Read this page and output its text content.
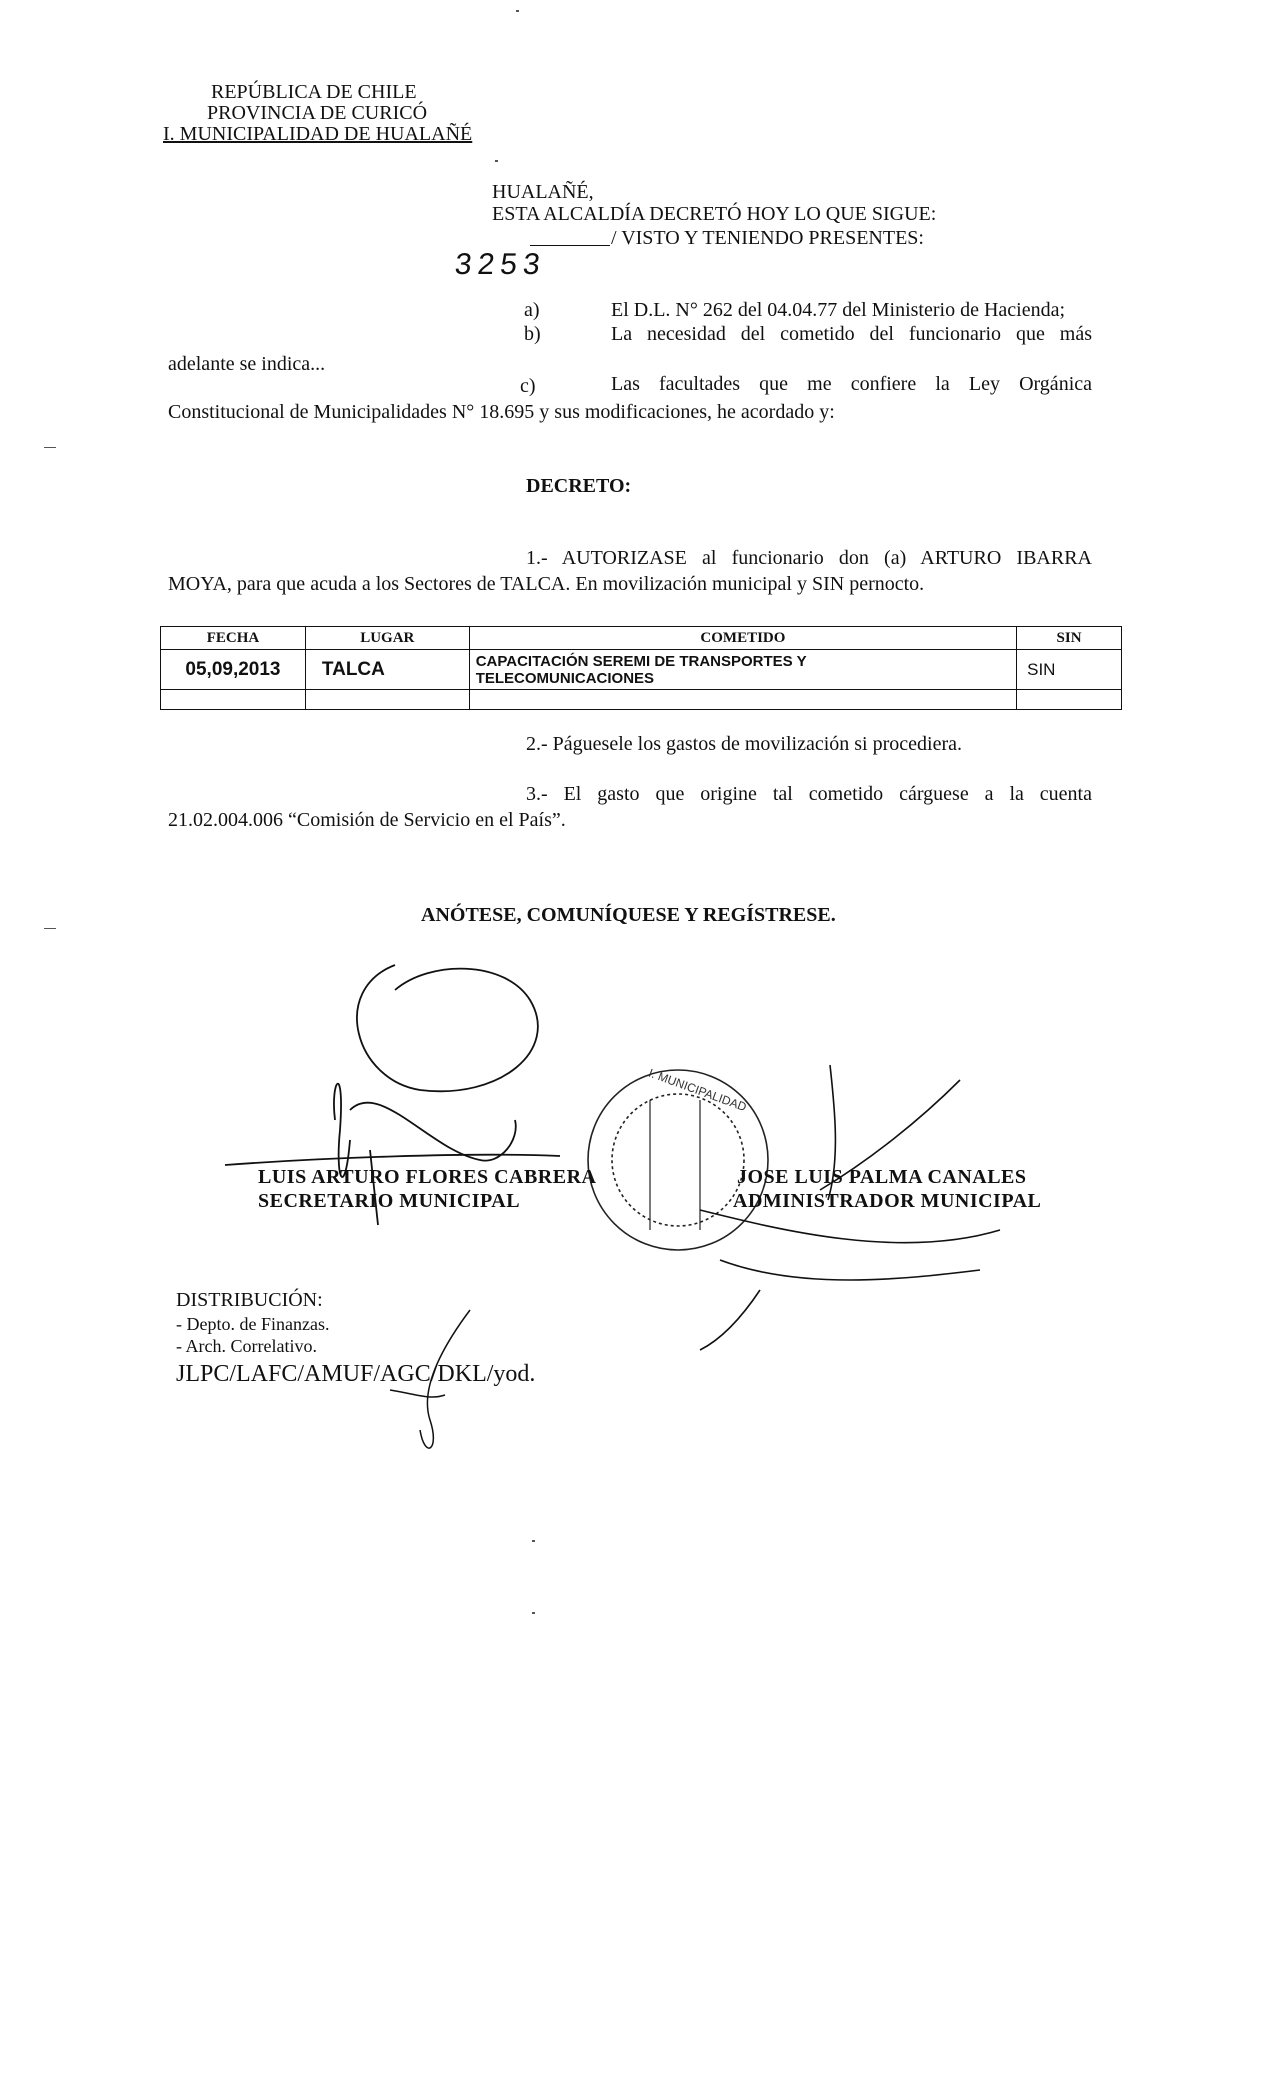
REPÚBLICA DE CHILE
PROVINCIA DE CURICÓ
I. MUNICIPALIDAD DE HUALAÑÉ
HUALAÑÉ,
ESTA ALCALDÍA DECRETÓ HOY LO QUE SIGUE:
/ VISTO Y TENIENDO PRESENTES:
3253
a)	El D.L. N° 262 del 04.04.77 del Ministerio de Hacienda;
b)	La necesidad del cometido del funcionario que más
adelante se indica...
c)	Las facultades que me confiere la Ley Orgánica
Constitucional de Municipalidades N° 18.695 y sus modificaciones, he acordado y:
DECRETO:
1.- AUTORIZASE al funcionario don (a) ARTURO IBARRA
MOYA, para que acuda a los Sectores de TALCA. En movilización municipal y SIN pernocto.
FECHA	LUGAR	COMETIDO	SIN
05,09,2013	TALCA	CAPACITACIÓN SEREMI DE TRANSPORTES Y TELECOMUNICACIONES	SIN

2.- Páguesele los gastos de movilización si procediera.
3.- El gasto que origine tal cometido cárguese a la cuenta
21.02.004.006 “Comisión de Servicio en el País”.
ANÓTESE, COMUNÍQUESE Y REGÍSTRESE.
I. MUNICIPALIDAD
LUIS ARTURO FLORES CABRERA
SECRETARIO MUNICIPAL
JOSE LUIS PALMA CANALES
ADMINISTRADOR MUNICIPAL
DISTRIBUCIÓN:
- Depto. de Finanzas.
- Arch. Correlativo.
JLPC/LAFC/AMUF/AGC/DKL/yod.
